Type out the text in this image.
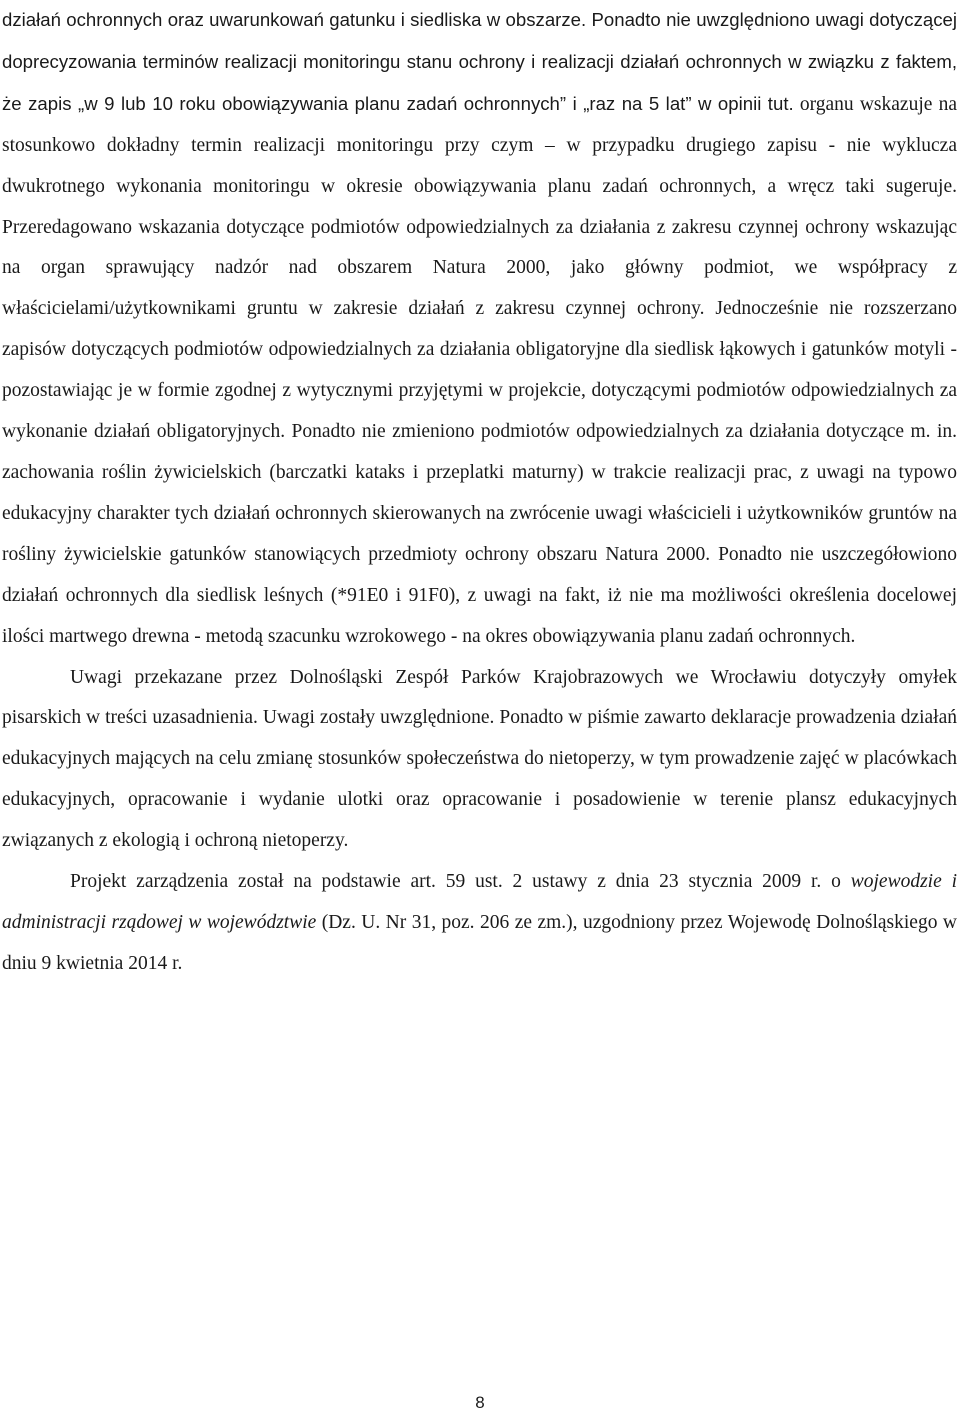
działań ochronnych oraz uwarunkowań gatunku i siedliska w obszarze. Ponadto nie uwzględniono uwagi dotyczącej doprecyzowania terminów realizacji monitoringu stanu ochrony i realizacji działań ochronnych w związku z faktem, że zapis „w 9 lub 10 roku obowiązywania planu zadań ochronnych” i „raz na 5 lat” w opinii tut. organu wskazuje na stosunkowo dokładny termin realizacji monitoringu przy czym – w przypadku drugiego zapisu - nie wyklucza dwukrotnego wykonania monitoringu w okresie obowiązywania planu zadań ochronnych, a wręcz taki sugeruje. Przeredagowano wskazania dotyczące podmiotów odpowiedzialnych za działania z zakresu czynnej ochrony wskazując na organ sprawujący nadzór nad obszarem Natura 2000, jako główny podmiot, we współpracy z właścicielami/użytkownikami gruntu w zakresie działań z zakresu czynnej ochrony. Jednocześnie nie rozszerzano zapisów dotyczących podmiotów odpowiedzialnych za działania obligatoryjne dla siedlisk łąkowych i gatunków motyli - pozostawiając je w formie zgodnej z wytycznymi przyjętymi w projekcie, dotyczącymi podmiotów odpowiedzialnych za wykonanie działań obligatoryjnych. Ponadto nie zmieniono podmiotów odpowiedzialnych za działania dotyczące m. in. zachowania roślin żywicielskich (barczatki kataks i przeplatki maturny) w trakcie realizacji prac, z uwagi na typowo edukacyjny charakter tych działań ochronnych skierowanych na zwrócenie uwagi właścicieli i użytkowników gruntów na rośliny żywicielskie gatunków stanowiących przedmioty ochrony obszaru Natura 2000. Ponadto nie uszczegółowiono działań ochronnych dla siedlisk leśnych (*91E0 i 91F0), z uwagi na fakt, iż nie ma możliwości określenia docelowej ilości martwego drewna - metodą szacunku wzrokowego - na okres obowiązywania planu zadań ochronnych.

Uwagi przekazane przez Dolnośląski Zespół Parków Krajobrazowych we Wrocławiu dotyczyły omyłek pisarskich w treści uzasadnienia. Uwagi zostały uwzględnione. Ponadto w piśmie zawarto deklaracje prowadzenia działań edukacyjnych mających na celu zmianę stosunków społeczeństwa do nietoperzy, w tym prowadzenie zajęć w placówkach edukacyjnych, opracowanie i wydanie ulotki oraz opracowanie i posadowienie w terenie plansz edukacyjnych związanych z ekologią i ochroną nietoperzy.

Projekt zarządzenia został na podstawie art. 59 ust. 2 ustawy z dnia 23 stycznia 2009 r. o wojewodzie i administracji rządowej w województwie (Dz. U. Nr 31, poz. 206 ze zm.), uzgodniony przez Wojewodę Dolnośląskiego w dniu 9 kwietnia 2014 r.

8
